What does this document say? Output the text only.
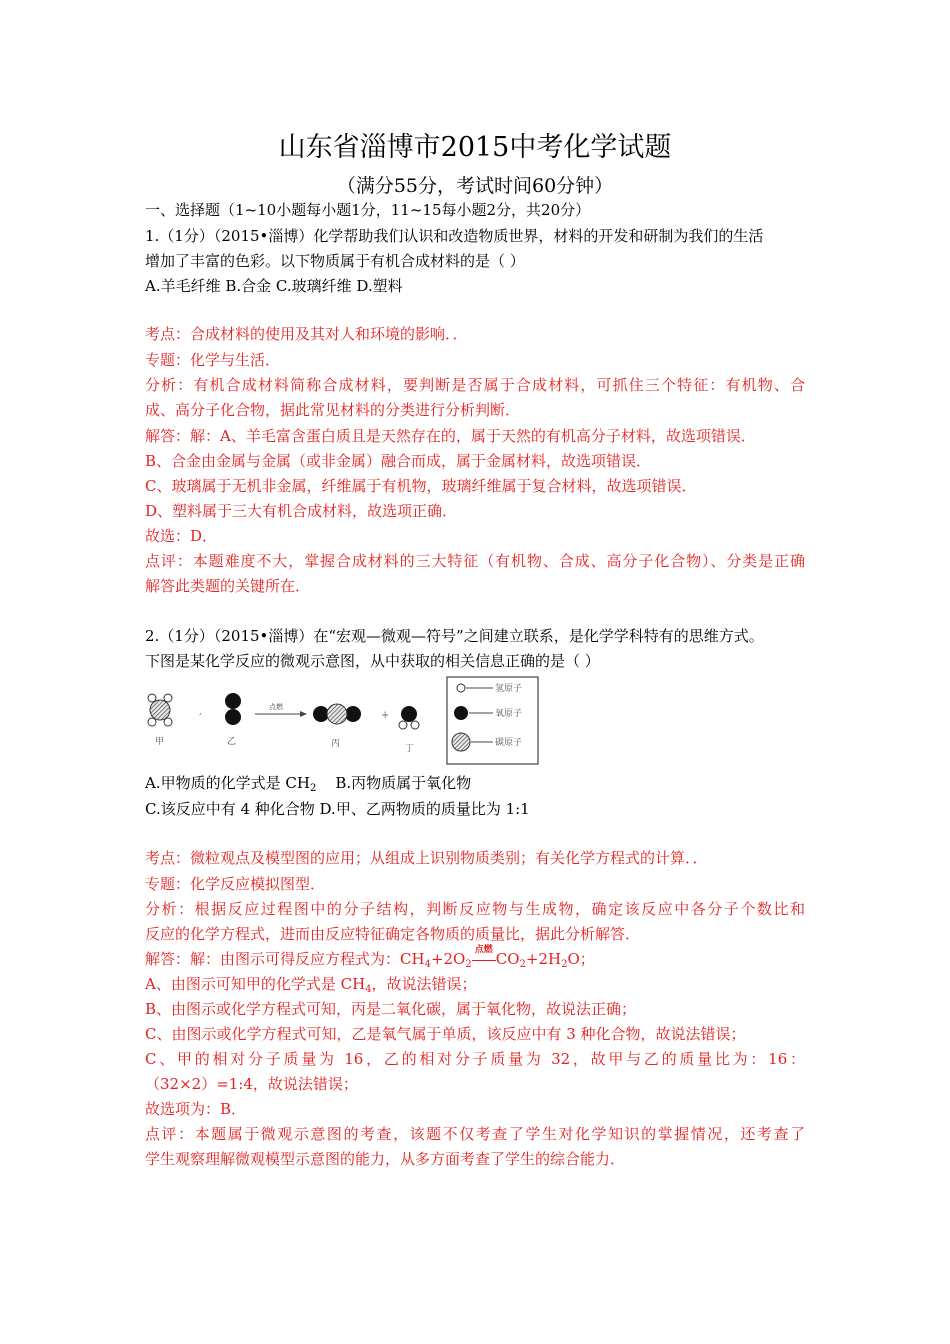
山东省淄博市2015中考化学试题
（满分55分，考试时间60分钟）
一、选择题（1~10小题每小题1分，11~15每小题2分，共20分）
1.（1分）（2015•淄博）化学帮助我们认识和改造物质世界，材料的开发和研制为我们的生活
增加了丰富的色彩。以下物质属于有机合成材料的是（ ）
A.羊毛纤维 B.合金 C.玻璃纤维 D.塑料
考点：合成材料的使用及其对人和环境的影响．．
专题：化学与生活．
分析：有机合成材料简称合成材料，要判断是否属于合成材料，可抓住三个特征：有机物、合
成、高分子化合物，据此常见材料的分类进行分析判断．
解答：解：A、羊毛富含蛋白质且是天然存在的，属于天然的有机高分子材料，故选项错误．
B、合金由金属与金属（或非金属）融合而成，属于金属材料，故选项错误．
C、玻璃属于无机非金属，纤维属于有机物，玻璃纤维属于复合材料，故选项错误．
D、塑料属于三大有机合成材料，故选项正确．
故选：D．
点评：本题难度不大，掌握合成材料的三大特征（有机物、合成、高分子化合物）、分类是正确
解答此类题的关键所在．
2.（1分）（2015•淄博）在“宏观—微观—符号”之间建立联系，是化学学科特有的思维方式。
下图是某化学反应的微观示意图，从中获取的相关信息正确的是（ ）
甲
,
乙
点燃
丙
+
丁
氢原子
氧原子
碳原子
A.甲物质的化学式是 $CH_2$    B.丙物质属于氧化物
C.该反应中有 4 种化合物 D.甲、乙两物质的质量比为 1:1
考点：微粒观点及模型图的应用；从组成上识别物质类别；有关化学方程式的计算．．
专题：化学反应模拟图型．
分析：根据反应过程图中的分子结构，判断反应物与生成物，确定该反应中各分子个数比和
反应的化学方程式，进而由反应特征确定各物质的质量比，据此分析解答．
解答：解：由图示可得反应方程式为：$CH_4+2O_2$
点燃 $CO_2+2H_2O$；
A、由图示可知甲的化学式是 $CH_4$，故说法错误；
B、由图示或化学方程式可知，丙是二氧化碳，属于氧化物，故说法正确；
C、由图示或化学方程式可知，乙是氧气属于单质，该反应中有 3 种化合物，故说法错误；
C、甲的相对分子质量为 16，乙的相对分子质量为 32，故甲与乙的质量比为：16：
（32×2）=1:4，故说法错误；
故选项为：B．
点评：本题属于微观示意图的考查，该题不仅考查了学生对化学知识的掌握情况，还考查了
学生观察理解微观模型示意图的能力，从多方面考查了学生的综合能力．
